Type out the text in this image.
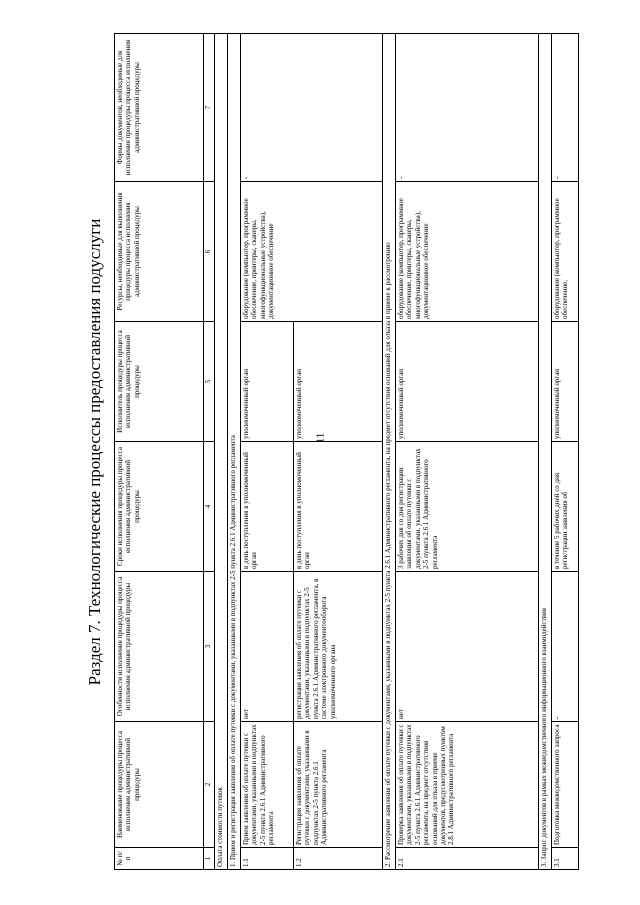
11
Раздел 7. Технологические процессы предоставления подуслуги
№ п/п	Наименование процедуры процесса исполнения административной процедуры	Особенности исполнения процедуры процесса исполнения административной процедуры	Сроки исполнения процедуры процесса исполнения административной процедуры	Исполнитель процедуры процесса исполнения административной процедуры	Ресурсы, необходимые для выполнения процедуры процесса исполнения административной процедуры	Формы документов, необходимые для исполнения процедуры процесса исполнения административной процедуры
1	2	3	4	5	6	7
Оплата стоимости путевок						
1. Прием и регистрация заявления об оплате путевки с документами, указанными в подпунктах 2-5 пункта 2.6.1 Административного регламента						
1.1	Прием заявления об оплате путевки с документами, указанными в подпунктах 2-5 пункта 2.6.1 Административного регламента	нет	в день поступления в уполномоченный орган	уполномоченный орган	оборудование (компьютер, программное обеспечение, принтеры, сканеры, многофункциональные устройства), документационное обеспечение	-
1.2	Регистрация заявления об оплате путевки с документами, указанными в подпунктах 2-5 пункта 2.6.1 Административного регламента	регистрация заявления об оплате путевки с документами, указанными в подпунктах 2-5 пункта 2.6.1 Административного регламента, в системе электронного документооборота уполномоченного органа	в день поступления в уполномоченный орган	уполномоченный орган		
2. Рассмотрение заявления об оплате путевки с документами, указанными в подпунктах 2-5 пункта 2.6.1 Административного регламента, на предмет отсутствия оснований для отказа в приеме к рассмотрению						
2.1	Проверка заявления об оплате путевки с документами, указанными в подпунктах 2-5 пункта 2.6.1 Административного регламента, на предмет отсутствия оснований для отказа в приеме документов, предусмотренных пунктом 2.8.1 Административного регламента	нет	3 рабочих дня со дня регистрации заявления об оплате путевки с документами, указанными в подпунктах 2-5 пункта 2.6.1 Административного регламента	уполномоченный орган	оборудование (компьютер, программное обеспечение, принтеры, сканеры, многофункциональные устройства), документационное обеспечение	-
3. Запрос документов в рамках межведомственного информационного взаимодействия						
3.1	Подготовка межведомственного запроса	-	в течение 5 рабочих дней со дня регистрации заявления об	уполномоченный орган	оборудование (компьютер, программное обеспечение,	-
